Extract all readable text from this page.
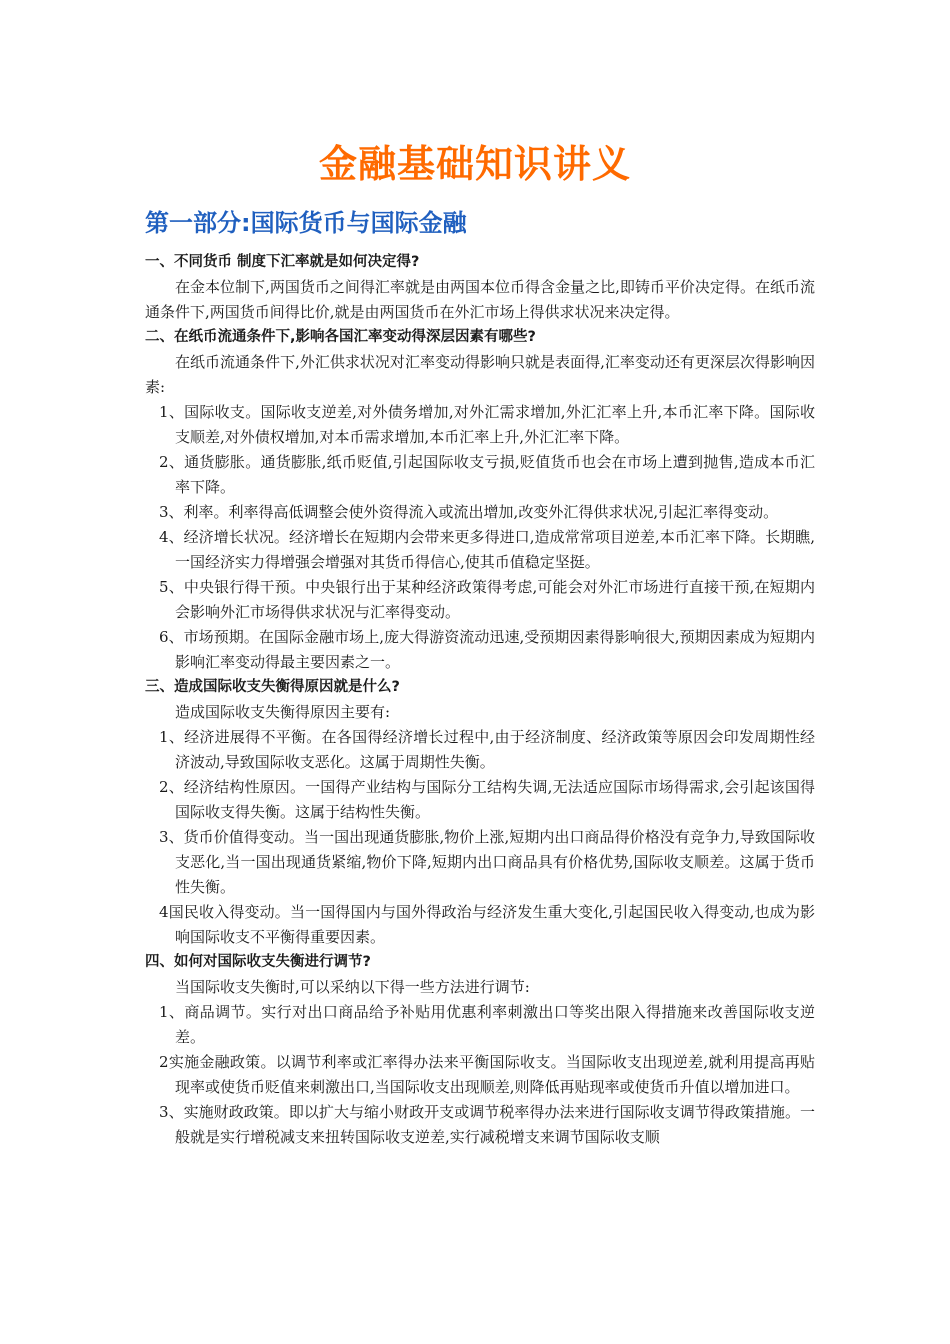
金融基础知识讲义
第一部分:国际货币与国际金融

一、不同货币 制度下汇率就是如何决定得?

在金本位制下,两国货币之间得汇率就是由两国本位币得含金量之比,即铸币平价决定得。在纸币流通条件下,两国货币间得比价,就是由两国货币在外汇市场上得供求状况来决定得。

二、在纸币流通条件下,影响各国汇率变动得深层因素有哪些?

在纸币流通条件下,外汇供求状况对汇率变动得影响只就是表面得,汇率变动还有更深层次得影响因素:

1、国际收支。国际收支逆差,对外债务增加,对外汇需求增加,外汇汇率上升,本币汇率下降。国际收支顺差,对外债权增加,对本币需求增加,本币汇率上升,外汇汇率下降。

2、通货膨胀。通货膨胀,纸币贬值,引起国际收支亏损,贬值货币也会在市场上遭到抛售,造成本币汇率下降。

3、利率。利率得高低调整会使外资得流入或流出增加,改变外汇得供求状况,引起汇率得变动。

4、经济增长状况。经济增长在短期内会带来更多得进口,造成常常项目逆差,本币汇率下降。长期瞧,一国经济实力得增强会增强对其货币得信心,使其币值稳定坚挺。

5、中央银行得干预。中央银行出于某种经济政策得考虑,可能会对外汇市场进行直接干预,在短期内会影响外汇市场得供求状况与汇率得变动。

6、市场预期。在国际金融市场上,庞大得游资流动迅速,受预期因素得影响很大,预期因素成为短期内影响汇率变动得最主要因素之一。

三、造成国际收支失衡得原因就是什么?

造成国际收支失衡得原因主要有:

1、经济进展得不平衡。在各国得经济增长过程中,由于经济制度、经济政策等原因会印发周期性经济波动,导致国际收支恶化。这属于周期性失衡。

2、经济结构性原因。一国得产业结构与国际分工结构失调,无法适应国际市场得需求,会引起该国得国际收支得失衡。这属于结构性失衡。

3、货币价值得变动。当一国出现通货膨胀,物价上涨,短期内出口商品得价格没有竞争力,导致国际收支恶化,当一国出现通货紧缩,物价下降,短期内出口商品具有价格优势,国际收支顺差。这属于货币性失衡。

4国民收入得变动。当一国得国内与国外得政治与经济发生重大变化,引起国民收入得变动,也成为影响国际收支不平衡得重要因素。

四、如何对国际收支失衡进行调节?

当国际收支失衡时,可以采纳以下得一些方法进行调节:

1、商品调节。实行对出口商品给予补贴用优惠利率刺激出口等奖出限入得措施来改善国际收支逆差。

2实施金融政策。以调节利率或汇率得办法来平衡国际收支。当国际收支出现逆差,就利用提高再贴现率或使货币贬值来刺激出口,当国际收支出现顺差,则降低再贴现率或使货币升值以增加进口。

3、实施财政政策。即以扩大与缩小财政开支或调节税率得办法来进行国际收支调节得政策措施。一般就是实行增税减支来扭转国际收支逆差,实行减税增支来调节国际收支顺
